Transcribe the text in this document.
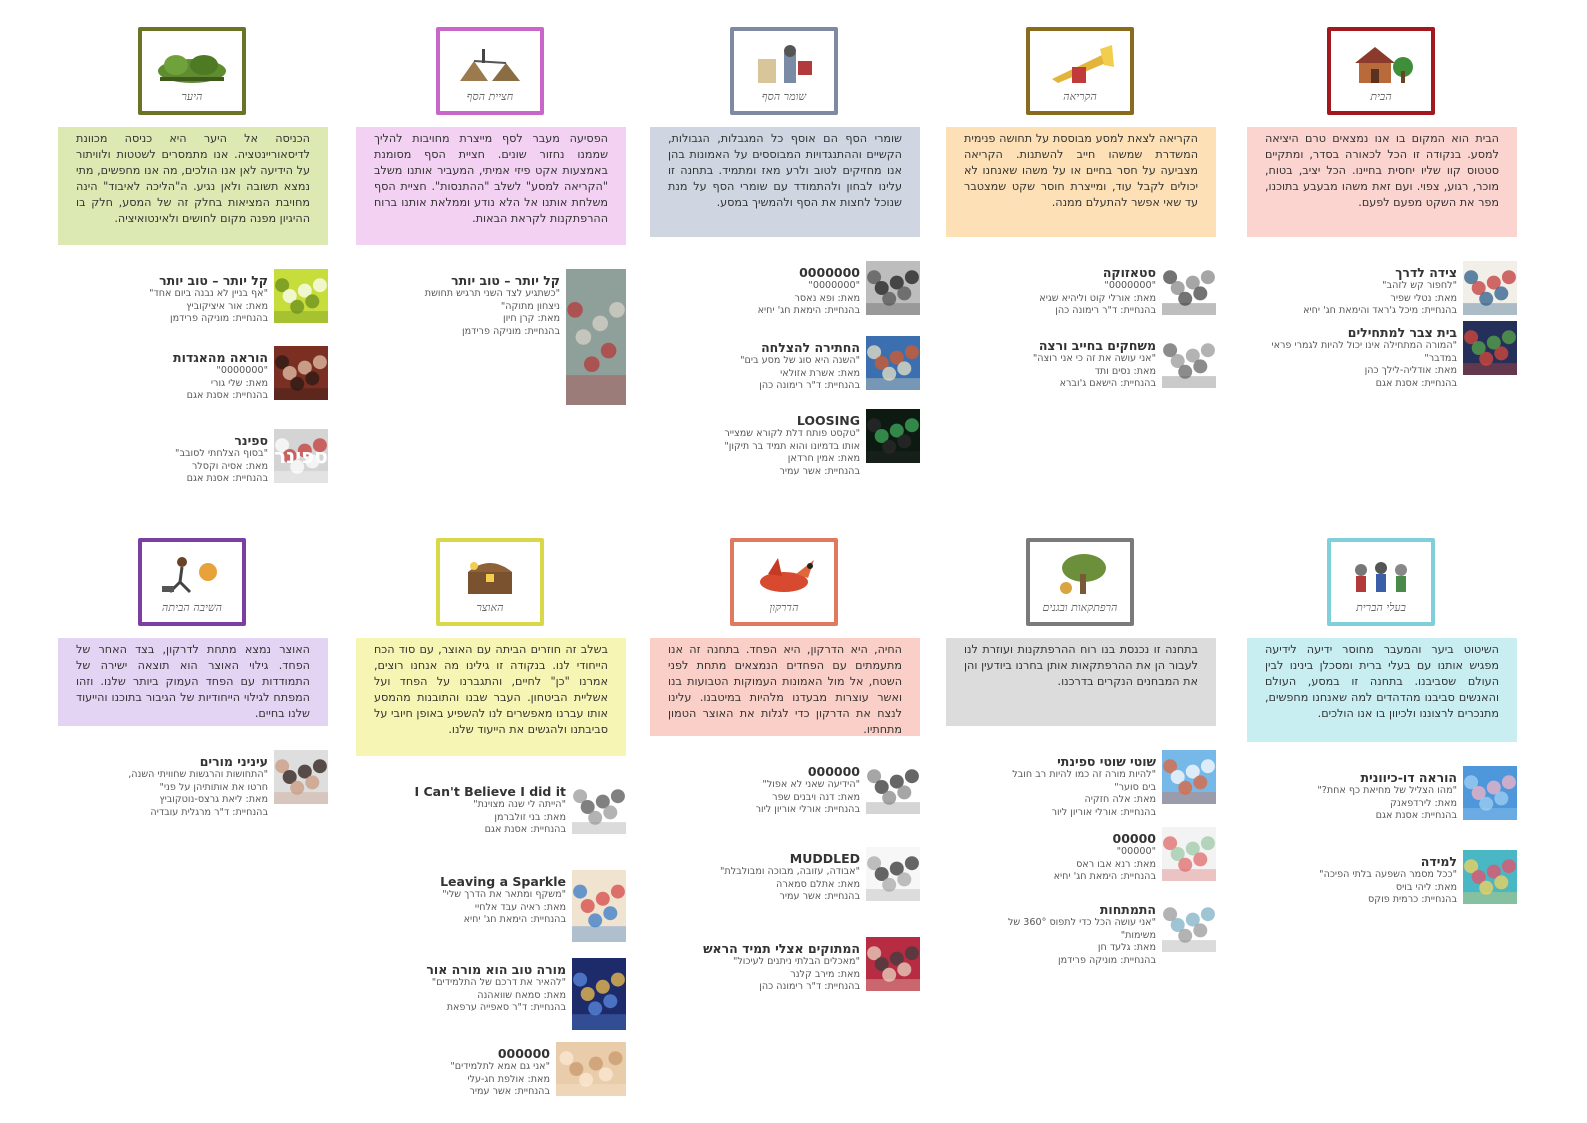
הבית
הבית הוא המקום בו אנו נמצאים טרם היציאה למסע. בנקודה זו הכל לכאורה בסדר, ומתקיים סטטוס קוו שליו יחסית בחיינו. הכל יציב, בטוח, מוכר, רגוע, צפוי. ועם זאת משהו מבעבע בתוכנו, מפר את השקט מפעם לפעם.
צידה לדרך
"לחפור קש לזהב"
מאת: נטלי שפיר
בהנחיית: מיכל ג'ראד והימאת חג' יחיא
בית צבר למתחילים
"המורה המתחילה אינו יכול להיות לגמרי פראי
במדבר"
מאת: אודליה-לילך כהן
בהנחיית: אסנת אגם
הקריאה
הקריאה לצאת למסע מבוססת על תחושה פנימית המשדרת שמשהו חייב להשתנות. הקריאה מצביעה על חסר בחיים או על משהו שאנחנו לא יכולים לקבל עוד, ומייצרת חוסר שקט שמצטבר עד שאי אפשר להתעלם ממנה.
סטאזוקה
"0000000"
מאת: אורלי קוט וליהיא שגיא
בהנחיית: ד"ר רימונה כהן
משחקים בחייב ורצה
"אני עושה את זה כי אני רוצה"
מאת: נסים ותד
בהנחיית: הישאם ג'וברא
שומר הסף
שומרי הסף הם אוסף כל המגבלות, הגבולות, הקשיים וההתנגדויות המבוססים על האמונות בהן אנו מחזיקים לטוב ולרע מאז ומתמיד. בתחנה זו עלינו לבחון ולהתמודד עם שומרי הסף על מנת שנוכל לחצות את הסף ולהמשיך במסע.
0000000
"0000000"
מאת: ופא נאסר
בהנחיית: הימאת חג' יחיא
החתירה להצלחה
"השנה היא סוג של מסע בים"
מאת: אשרת אזולאי
בהנחיית: ד"ר רימונה כהן
LOOSING
"טקסט פותח דלת לקורא שמצייר
אותו בדמיונו והוא תמיד בר תיקון"
מאת: אמין חרדאן
בהנחיית: אשר עמיר
חציית הסף
הפסיעה מעבר לסף מייצרת מחויבות להליך שממנו נחזור שונים. חציית הסף מסומנת באמצעות אקט פיזי אמיתי, המעביר אותנו משלב "הקריאה למסע" לשלב "ההתנסות". חציית הסף משלחת אותנו אל הלא נודע וממלאת אותנו ברוח ההרפתקנות לקראת הבאות.
קל יותר – טוב יותר
"כשתגיע לצד השני תרגיש תחושת
ניצחון מתוקה"
מאת: קרן חיון
בהנחיית: מוניקה פרידמן
היער
הכניסה אל היער היא כניסה מכוונת לדיסאוריינטציה. אנו מתמסרים לשטטות ולוויתור על הידיעה לאן אנו הולכים, מה אנו מחפשים, מתי נמצא תשובה ולאן נגיע. ה"הליכה לאיבוד" הינה מחויבת המציאות בחלק זה של המסע, חלק בו ההיגיון מפנה מקום לחושים ולאינטואיציה.
קל יותר – טוב יותר
"אף בניין לא נבנה ביום אחד"
מאת: אור איציקוביץ
בהנחיית: מוניקה פרידמן
הוראה מהאגדות
"0000000"
מאת: שלי גורי
בהנחיית: אסנת אגם
ספינר
ספינר
"בסוף הצלחתי לסובב"
מאת: אסיה וקסלר
בהנחיית: אסנת אגם
בעלי הברית
השיטוט ביער והמעבר מחוסר ידיעה לידיעה מפגיש אותנו עם בעלי ברית ומסכלן בינינו לבין העולם שסביבנו. בתחנה זו במסע, העולם והאנשים סביבנו מהדהדים למה שאנחנו מחפשים, מתנכרים לרצוננו ולכיוון בו אנו הולכים.
הוראה דו-כיוונית
"מהו הצליל של מחיאת כף אחת?"
מאת: לירדפאנק
בהנחיית: אסנת אגם
למידה
"ככל מסמר השפעה בלתי הפיכה"
מאת: ליהי בויס
בהנחיית: כרמית פוקס
הרפתקאות ובגנים
בתחנה זו נכנסת בנו רוח ההרפתקנות ועוזרת לנו לעבור הן את ההרפתקאות אותן בחרנו ביודעין והן את המבחנים הנקרים בדרכנו.
שוטי שוטי ספינתי
"להיות מורה זה כמו להיות רב חובל
בים סוער"
מאת: אלה חזקיה
בהנחיית: אורלי אוריון ליור
00000
"00000"
מאת: רנא אבו ראס
בהנחיית: הימאת חג' יחיא
התמתחות
"אני עושה הכל כדי לתפוס 360° של
משימות"
מאת: גלעד חן
בהנחיית: מוניקה פרידמן
הדרקון
החיה, היא הדרקון, היא הפחד. בתחנה זה אנו מתעמתים עם הפחדים הנמצאים מתחת לפני השטח, אל מול האמונות העמוקות הטבועות בנו ואשר עוצרות מבעדנו מלהיות במיטבנו. עלינו לנצח את הדרקון כדי לגלות את האוצר הטמון מתחתיו.
000000
"הידיעה שאני לא אפול"
מאת: דנה ויבנים שפר
בהנחיית: אורלי אוריון ליור
MUDDLED
"אבודה, עזובה, מבוכה ומבולבלת"
מאת: אתלם סמארה
בהנחיית: אשר עמיר
המתוקים אצלי תמיד הראש
"מאכלים הבלתי ניתנים לעיכול"
מאת: מירב קלנר
בהנחיית: ד"ר רימונה כהן
האוצר
בשלב זה חוזרים הביתה עם האוצר, עם סוד הכח הייחודי לנו. בנקודה זו גילינו מה אנחנו רוצים, אמרנו "כן" לחיים, והתגברנו על הפחד ועל אשליית הביטחון. העבר שבנו והתובנות מהמסע אותו עברנו מאפשרים לנו להשפיע באופן חיובי על סביבתנו ולהגשים את הייעוד שלנו.
I Can't Believe I did it
"הייתה לי שנה מצוינת"
מאת: בני זולברמן
בהנחיית: אסנת אגם
Leaving a Sparkle
"משקף ומתאר את הדרך שלי"
מאת: ראיה עבד אלחיי
בהנחיית: הימאת חג' יחיא
מורה טוב הוא מורה אור
"להאיר את דרכם של התלמידים"
מאת: סמאח שוואהנה
בהנחיית: ד"ר סאפייה ערפאת
000000
"אני גם אמא לתלמידים"
מאת: אולפת חג-עלי
בהנחיית: אשר עמיר
השיבה הביתה
האוצר נמצא מתחת לדרקון, בצד האחר של הפחד. גילוי האוצר הוא תוצאה ישירה של התמודדות עם הפחד העמוק ביותר שלנו. וזהו המפתח לגילוי הייחודיות של הגיבור בתוכנו והייעוד שלנו בחיים.
עיניני מורים
"התחושות והרגשות שחוויתי השנה,
חרטו את אותותיהן על פני"
מאת: ליאת גרצס-נוטקוביץ
בהנחיית: ד"ר מרגלית עובדיה
